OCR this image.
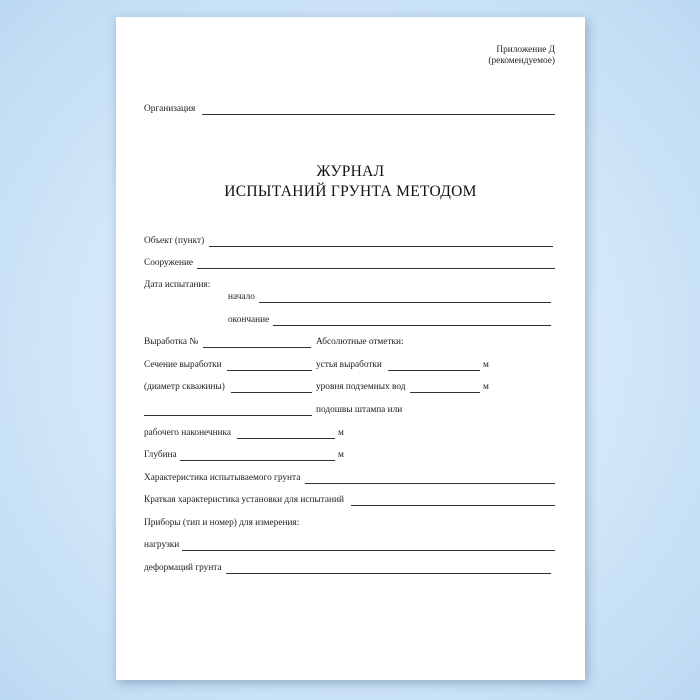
Приложение Д
(рекомендуемое)
Организация
ЖУРНАЛ
ИСПЫТАНИЙ ГРУНТА МЕТОДОМ
Объект (пункт)
Сооружение
Дата испытания:
начало
окончание
Выработка №	Абсолютные отметки:
Сечение выработки	устья выработки	м
(диаметр скважины)	уровня подземных вод	м
подошвы штампа или
рабочего наконечника	м
Глубина	м
Характеристика испытываемого грунта
Краткая характеристика установки для испытаний
Приборы (тип и номер) для измерения:
нагрузки
деформаций грунта
